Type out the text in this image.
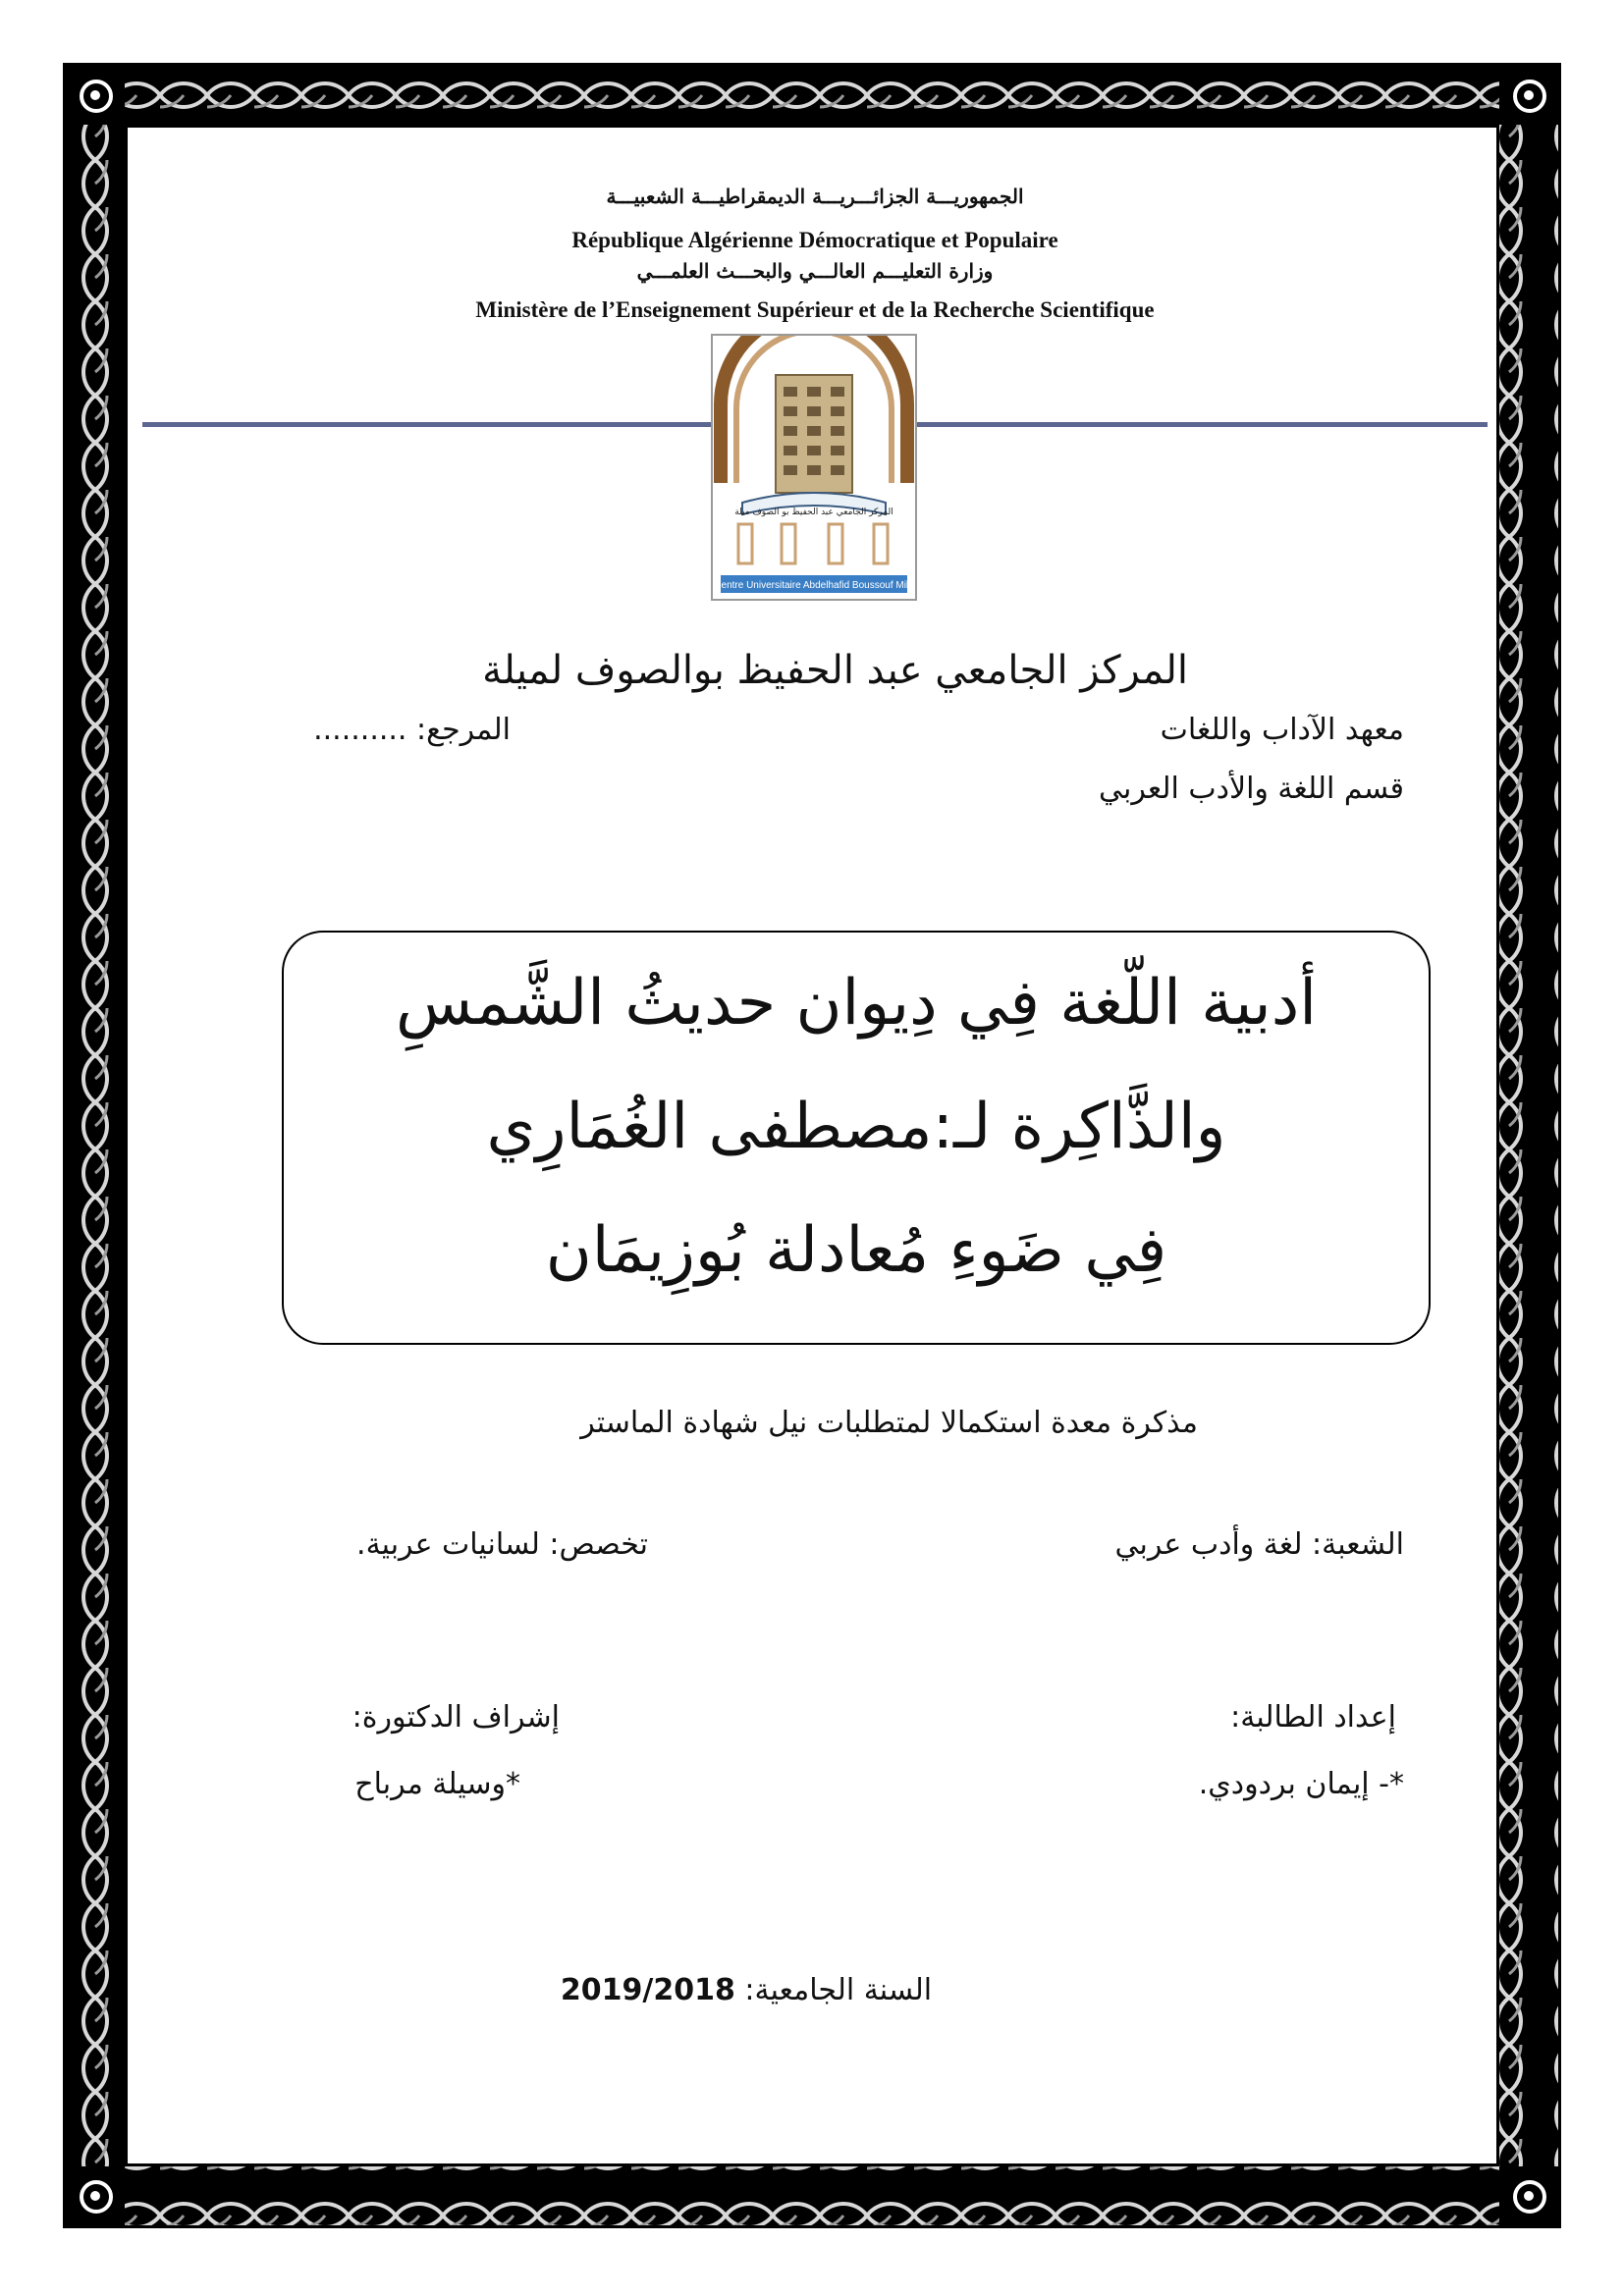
الجمهوريـــة الجزائـــريـــة الديمقراطيـــة الشعبيـــة
République Algérienne Démocratique et Populaire
وزارة التعليـــم العالـــي والبحـــث العلمـــي
Ministère de l’Enseignement Supérieur et de la Recherche Scientifique
المركز الجامعي عبد الحفيظ بو الصوف ميلة
Centre Universitaire Abdelhafid Boussouf Mila
المركز الجامعي عبد الحفيظ بوالصوف لميلة
معهد الآداب واللغات
المرجع: ..........
قسم اللغة والأدب العربي
أدبية اللّغة فِي دِيوان حديثُ الشَّمسِ
والذَّاكِرة لـ:مصطفى الغُمَارِي
فِي ضَوءِ مُعادلة بُوزِيمَان
مذكرة معدة استكمالا لمتطلبات نيل شهادة الماستر
الشعبة: لغة وأدب عربي
تخصص: لسانيات عربية.
إعداد الطالبة:
إشراف الدكتورة:
*- إيمان بردودي.
*وسيلة مرباح
السنة الجامعية: 2019/2018
